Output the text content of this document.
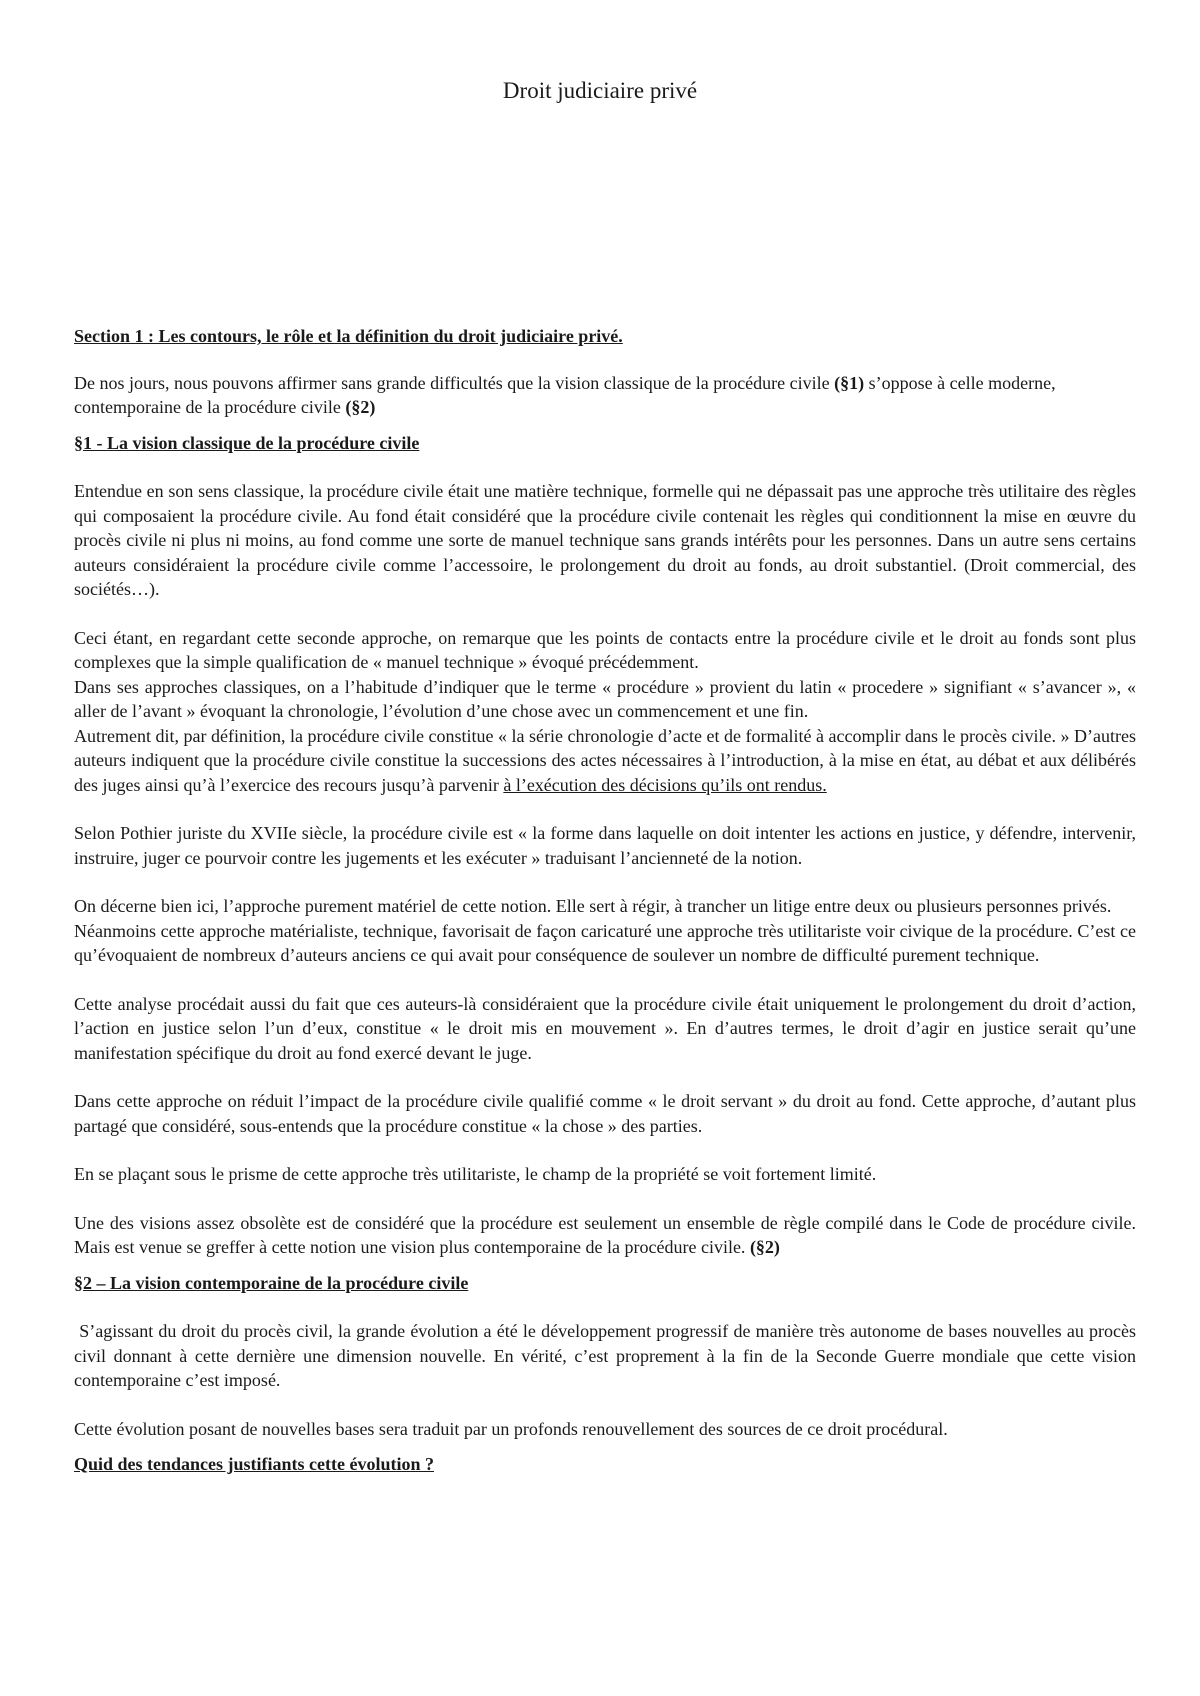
Droit judiciaire privé

Section 1 : Les contours, le rôle et la définition du droit judiciaire privé.

De nos jours, nous pouvons affirmer sans grande difficultés que la vision classique de la procédure civile (§1) s’oppose à celle moderne, contemporaine de la procédure civile (§2)

§1 - La vision classique de la procédure civile

Entendue en son sens classique, la procédure civile était une matière technique, formelle qui ne dépassait pas une approche très utilitaire des règles qui composaient la procédure civile. Au fond était considéré que la procédure civile contenait les règles qui conditionnent la mise en œuvre du procès civile ni plus ni moins, au fond comme une sorte de manuel technique sans grands intérêts pour les personnes. Dans un autre sens certains auteurs considéraient la procédure civile comme l’accessoire, le prolongement du droit au fonds, au droit substantiel. (Droit commercial, des sociétés…).

Ceci étant, en regardant cette seconde approche, on remarque que les points de contacts entre la procédure civile et le droit au fonds sont plus complexes que la simple qualification de « manuel technique » évoqué précédemment.

Dans ses approches classiques, on a l’habitude d’indiquer que le terme « procédure » provient du latin « procedere » signifiant « s’avancer », « aller de l’avant » évoquant la chronologie, l’évolution d’une chose avec un commencement et une fin.

Autrement dit, par définition, la procédure civile constitue « la série chronologie d’acte et de formalité à accomplir dans le procès civile. » D’autres auteurs indiquent que la procédure civile constitue la successions des actes nécessaires à l’introduction, à la mise en état, au débat et aux délibérés des juges ainsi qu’à l’exercice des recours jusqu’à parvenir à l’exécution des décisions qu’ils ont rendus.

Selon Pothier juriste du XVIIe siècle, la procédure civile est « la forme dans laquelle on doit intenter les actions en justice, y défendre, intervenir, instruire, juger ce pourvoir contre les jugements et les exécuter » traduisant l’ancienneté de la notion.

On décerne bien ici, l’approche purement matériel de cette notion. Elle sert à régir, à trancher un litige entre deux ou plusieurs personnes privés.

Néanmoins cette approche matérialiste, technique, favorisait de façon caricaturé une approche très utilitariste voir civique de la procédure. C’est ce qu’évoquaient de nombreux d’auteurs anciens ce qui avait pour conséquence de soulever un nombre de difficulté purement technique.

Cette analyse procédait aussi du fait que ces auteurs-là considéraient que la procédure civile était uniquement le prolongement du droit d’action, l’action en justice selon l’un d’eux, constitue « le droit mis en mouvement ». En d’autres termes, le droit d’agir en justice serait qu’une manifestation spécifique du droit au fond exercé devant le juge.

Dans cette approche on réduit l’impact de la procédure civile qualifié comme « le droit servant » du droit au fond. Cette approche, d’autant plus partagé que considéré, sous-entends que la procédure constitue « la chose » des parties.

En se plaçant sous le prisme de cette approche très utilitariste, le champ de la propriété se voit fortement limité.

Une des visions assez obsolète est de considéré que la procédure est seulement un ensemble de règle compilé dans le Code de procédure civile. Mais est venue se greffer à cette notion une vision plus contemporaine de la procédure civile. (§2)

§2 – La vision contemporaine de la procédure civile

S’agissant du droit du procès civil, la grande évolution a été le développement progressif de manière très autonome de bases nouvelles au procès civil donnant à cette dernière une dimension nouvelle. En vérité, c’est proprement à la fin de la Seconde Guerre mondiale que cette vision contemporaine c’est imposé.

Cette évolution posant de nouvelles bases sera traduit par un profonds renouvellement des sources de ce droit procédural.

Quid des tendances justifiants cette évolution ?
